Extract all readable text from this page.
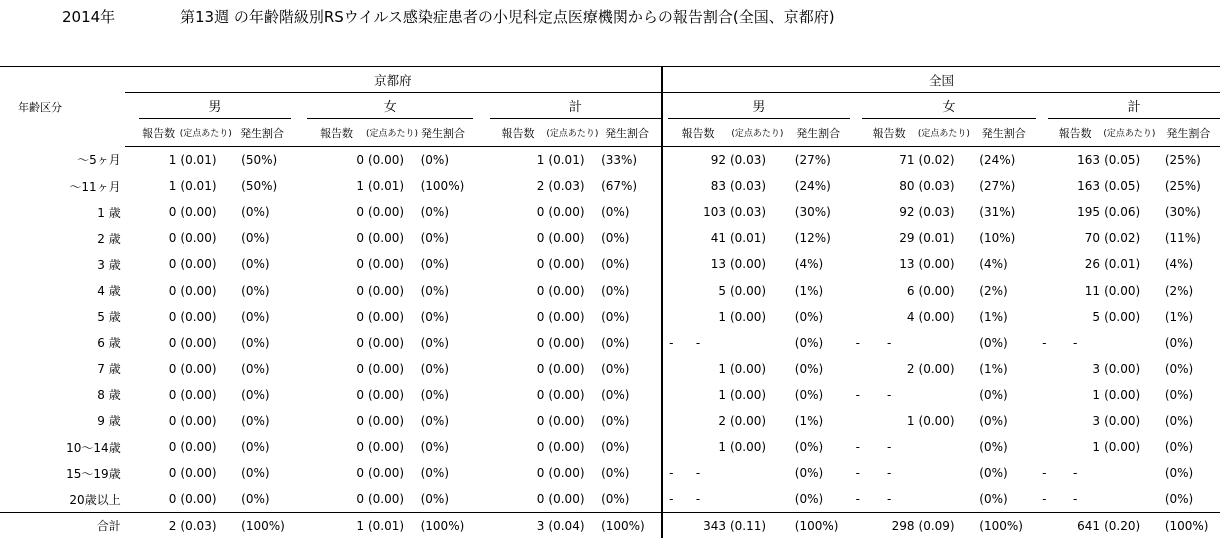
2014年	第13週 の年齢階級別RSウイルス感染症患者の小児科定点医療機関からの報告割合(全国、京都府)
年齢区分	京都府												全国											
		男				女				計				男				女				計		
		報告数	(定点あたり)	発生割合		報告数	(定点あたり)	発生割合		報告数	(定点あたり)	発生割合		報告数	(定点あたり)	発生割合		報告数	(定点あたり)	発生割合		報告数	(定点あたり)	発生割合
～5ヶ月		1	(0.01)	(50%)		0	(0.00)	(0%)		1	(0.01)	(33%)		92	(0.03)	(27%)		71	(0.02)	(24%)		163	(0.05)	(25%)
～11ヶ月		1	(0.01)	(50%)		1	(0.01)	(100%)		2	(0.03)	(67%)		83	(0.03)	(24%)		80	(0.03)	(27%)		163	(0.05)	(25%)
1 歳		0	(0.00)	(0%)		0	(0.00)	(0%)		0	(0.00)	(0%)		103	(0.03)	(30%)		92	(0.03)	(31%)		195	(0.06)	(30%)
2 歳		0	(0.00)	(0%)		0	(0.00)	(0%)		0	(0.00)	(0%)		41	(0.01)	(12%)		29	(0.01)	(10%)		70	(0.02)	(11%)
3 歳		0	(0.00)	(0%)		0	(0.00)	(0%)		0	(0.00)	(0%)		13	(0.00)	(4%)		13	(0.00)	(4%)		26	(0.01)	(4%)
4 歳		0	(0.00)	(0%)		0	(0.00)	(0%)		0	(0.00)	(0%)		5	(0.00)	(1%)		6	(0.00)	(2%)		11	(0.00)	(2%)
5 歳		0	(0.00)	(0%)		0	(0.00)	(0%)		0	(0.00)	(0%)		1	(0.00)	(0%)		4	(0.00)	(1%)		5	(0.00)	(1%)
6 歳		0	(0.00)	(0%)		0	(0.00)	(0%)		0	(0.00)	(0%)	-	-		(0%)	-	-		(0%)	-	-		(0%)
7 歳		0	(0.00)	(0%)		0	(0.00)	(0%)		0	(0.00)	(0%)		1	(0.00)	(0%)		2	(0.00)	(1%)		3	(0.00)	(0%)
8 歳		0	(0.00)	(0%)		0	(0.00)	(0%)		0	(0.00)	(0%)		1	(0.00)	(0%)	-	-		(0%)		1	(0.00)	(0%)
9 歳		0	(0.00)	(0%)		0	(0.00)	(0%)		0	(0.00)	(0%)		2	(0.00)	(1%)		1	(0.00)	(0%)		3	(0.00)	(0%)
10～14歳		0	(0.00)	(0%)		0	(0.00)	(0%)		0	(0.00)	(0%)		1	(0.00)	(0%)	-	-		(0%)		1	(0.00)	(0%)
15～19歳		0	(0.00)	(0%)		0	(0.00)	(0%)		0	(0.00)	(0%)	-	-		(0%)	-	-		(0%)	-	-		(0%)
20歳以上		0	(0.00)	(0%)		0	(0.00)	(0%)		0	(0.00)	(0%)	-	-		(0%)	-	-		(0%)	-	-		(0%)
合計		2	(0.03)	(100%)		1	(0.01)	(100%)		3	(0.04)	(100%)		343	(0.11)	(100%)		298	(0.09)	(100%)		641	(0.20)	(100%)
